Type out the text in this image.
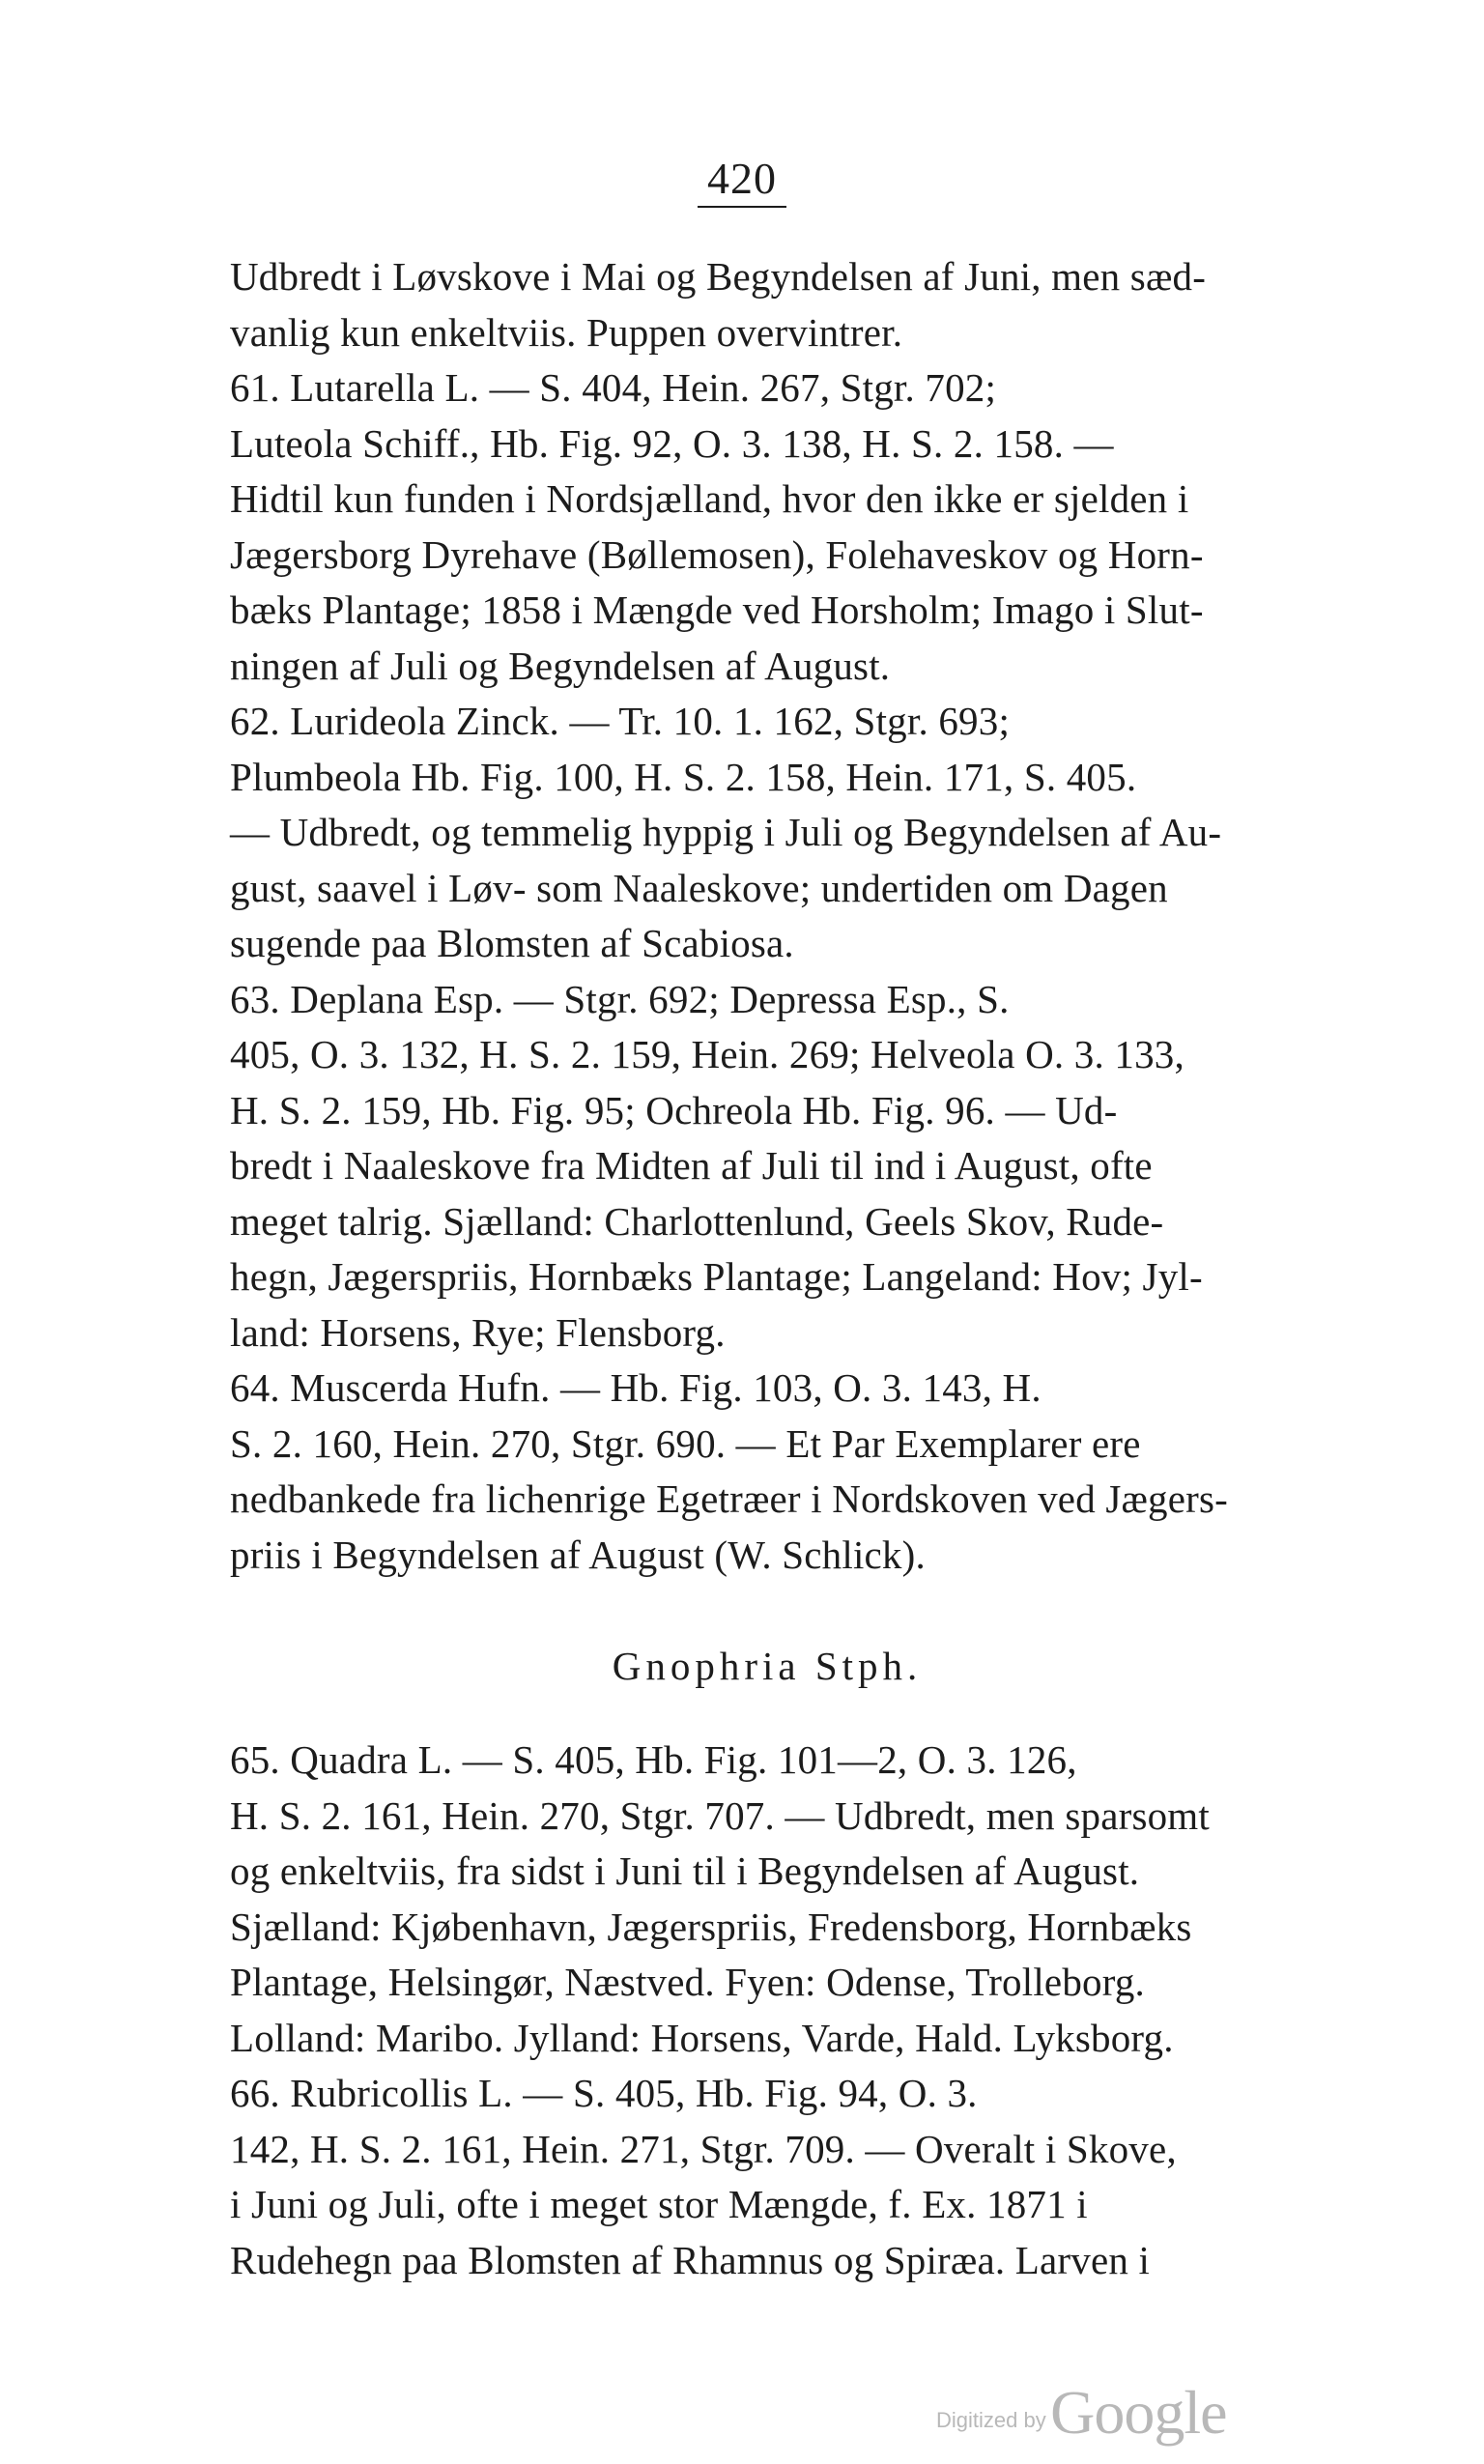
420
Udbredt i Løvskove i Mai og Begyndelsen af Juni, men sæd-
vanlig kun enkeltviis. Puppen overvintrer.
61. Lutarella L. — S. 404, Hein. 267, Stgr. 702;
Luteola Schiff., Hb. Fig. 92, O. 3. 138, H. S. 2. 158. —
Hidtil kun funden i Nordsjælland, hvor den ikke er sjelden i
Jægersborg Dyrehave (Bøllemosen), Folehaveskov og Horn-
bæks Plantage; 1858 i Mængde ved Horsholm; Imago i Slut-
ningen af Juli og Begyndelsen af August.
62. Lurideola Zinck. — Tr. 10. 1. 162, Stgr. 693;
Plumbeola Hb. Fig. 100, H. S. 2. 158, Hein. 171, S. 405.
— Udbredt, og temmelig hyppig i Juli og Begyndelsen af Au-
gust, saavel i Løv- som Naaleskove; undertiden om Dagen
sugende paa Blomsten af Scabiosa.
63. Deplana Esp. — Stgr. 692; Depressa Esp., S.
405, O. 3. 132, H. S. 2. 159, Hein. 269; Helveola O. 3. 133,
H. S. 2. 159, Hb. Fig. 95; Ochreola Hb. Fig. 96. — Ud-
bredt i Naaleskove fra Midten af Juli til ind i August, ofte
meget talrig. Sjælland: Charlottenlund, Geels Skov, Rude-
hegn, Jægerspriis, Hornbæks Plantage; Langeland: Hov; Jyl-
land: Horsens, Rye; Flensborg.
64. Muscerda Hufn. — Hb. Fig. 103, O. 3. 143, H.
S. 2. 160, Hein. 270, Stgr. 690. — Et Par Exemplarer ere
nedbankede fra lichenrige Egetræer i Nordskoven ved Jægers-
priis i Begyndelsen af August (W. Schlick).
Gnophria Stph.
65. Quadra L. — S. 405, Hb. Fig. 101—2, O. 3. 126,
H. S. 2. 161, Hein. 270, Stgr. 707. — Udbredt, men sparsomt
og enkeltviis, fra sidst i Juni til i Begyndelsen af August.
Sjælland: Kjøbenhavn, Jægerspriis, Fredensborg, Hornbæks
Plantage, Helsingør, Næstved. Fyen: Odense, Trolleborg.
Lolland: Maribo. Jylland: Horsens, Varde, Hald. Lyksborg.
66. Rubricollis L. — S. 405, Hb. Fig. 94, O. 3.
142, H. S. 2. 161, Hein. 271, Stgr. 709. — Overalt i Skove,
i Juni og Juli, ofte i meget stor Mængde, f. Ex. 1871 i
Rudehegn paa Blomsten af Rhamnus og Spiræa. Larven i
Digitized by Google
